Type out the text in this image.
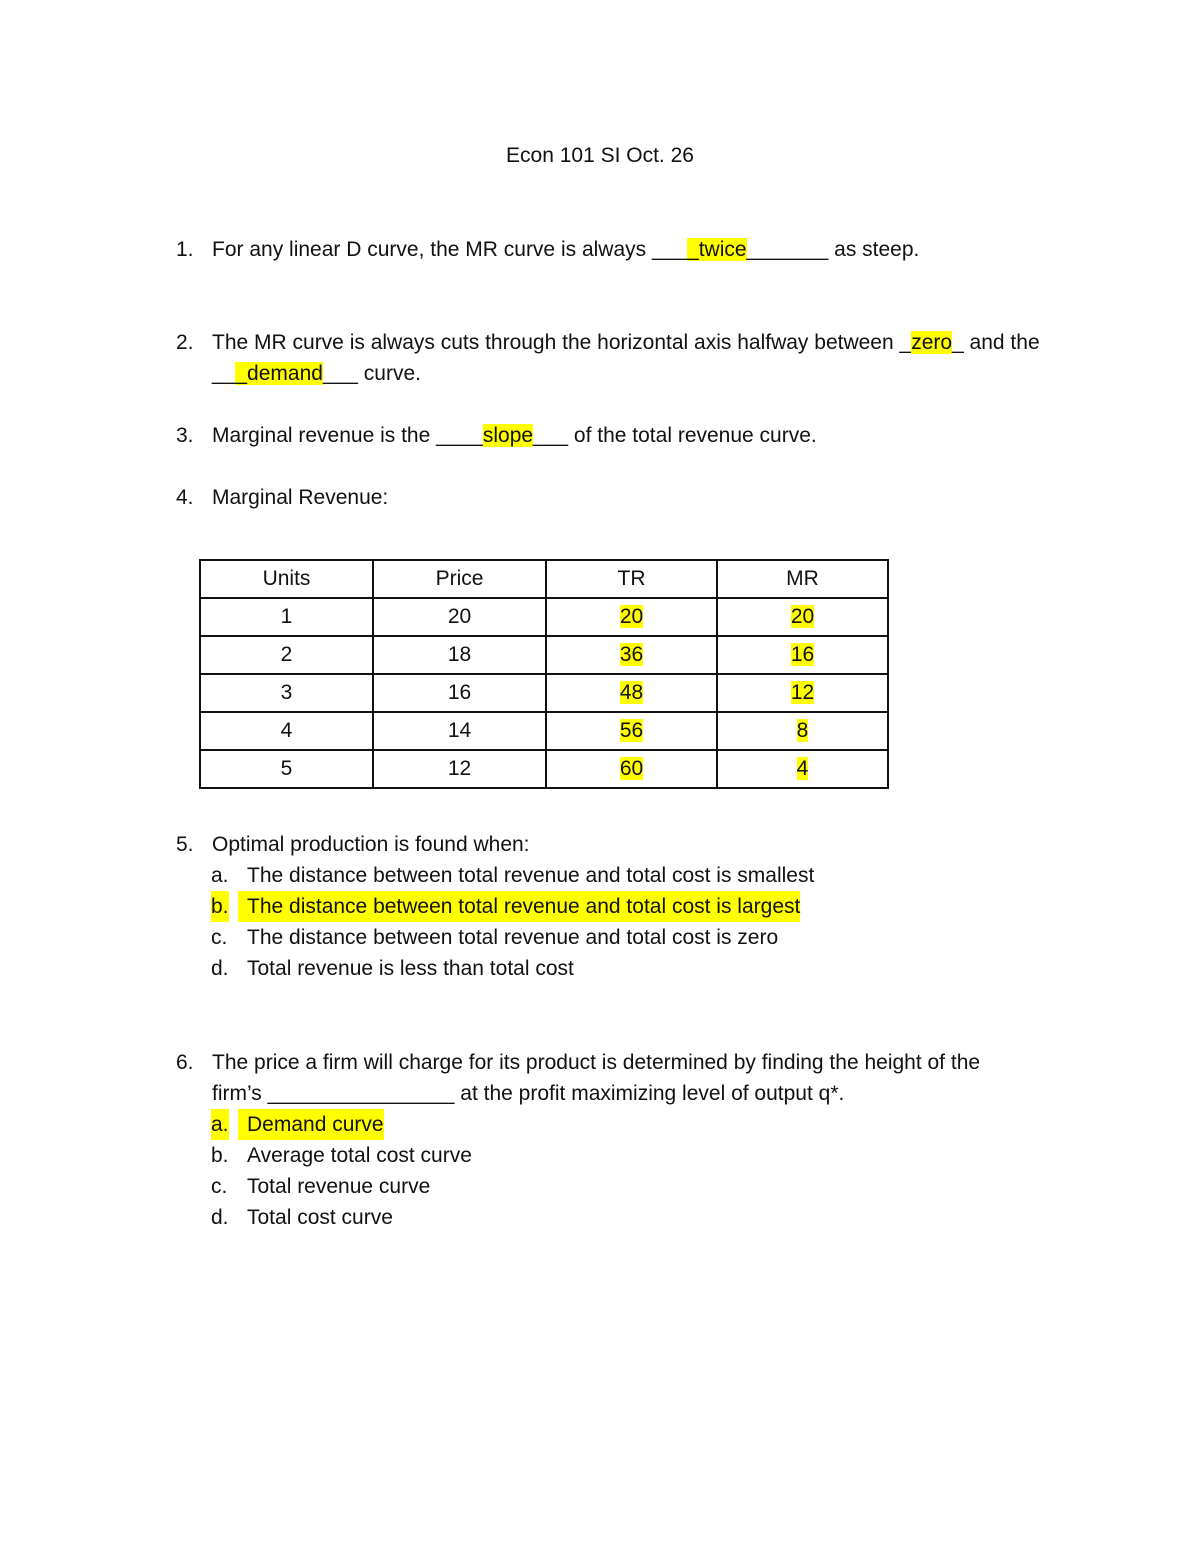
Econ 101 SI Oct. 26
1. For any linear D curve, the MR curve is always ____twice_______ as steep.
2. The MR curve is always cuts through the horizontal axis halfway between _zero_ and the
___demand___ curve.
3. Marginal revenue is the ____slope___ of the total revenue curve.
4. Marginal Revenue:
Units	Price	TR	MR
1	20	20	20
2	18	36	16
3	16	48	12
4	14	56	8
5	12	60	4
5. Optimal production is found when:
a. The distance between total revenue and total cost is smallest
b. The distance between total revenue and total cost is largest
c. The distance between total revenue and total cost is zero
d. Total revenue is less than total cost
6. The price a firm will charge for its product is determined by finding the height of the
firm’s ________________ at the profit maximizing level of output q*.
a. Demand curve
b. Average total cost curve
c. Total revenue curve
d. Total cost curve
